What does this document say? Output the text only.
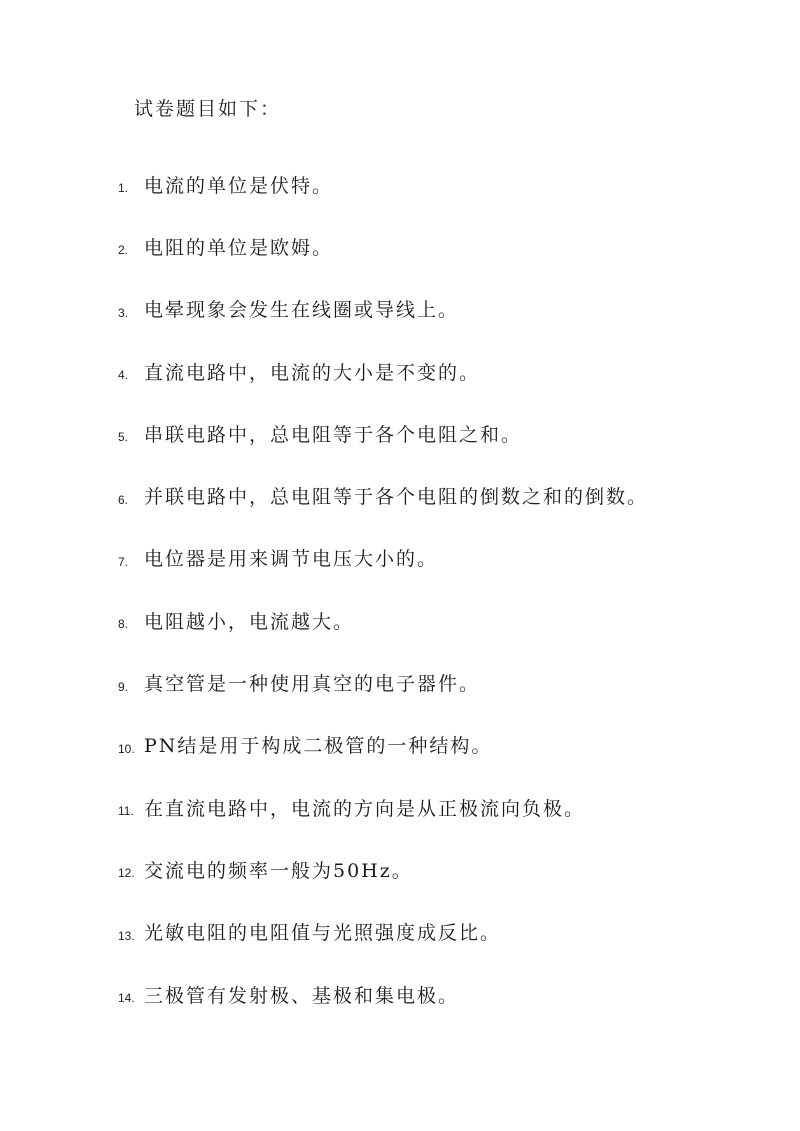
试卷题目如下：
1. 电流的单位是伏特。
2. 电阻的单位是欧姆。
3. 电晕现象会发生在线圈或导线上。
4. 直流电路中，电流的大小是不变的。
5. 串联电路中，总电阻等于各个电阻之和。
6. 并联电路中，总电阻等于各个电阻的倒数之和的倒数。
7. 电位器是用来调节电压大小的。
8. 电阻越小，电流越大。
9. 真空管是一种使用真空的电子器件。
10. PN结是用于构成二极管的一种结构。
11. 在直流电路中，电流的方向是从正极流向负极。
12. 交流电的频率一般为50Hz。
13. 光敏电阻的电阻值与光照强度成反比。
14. 三极管有发射极、基极和集电极。
